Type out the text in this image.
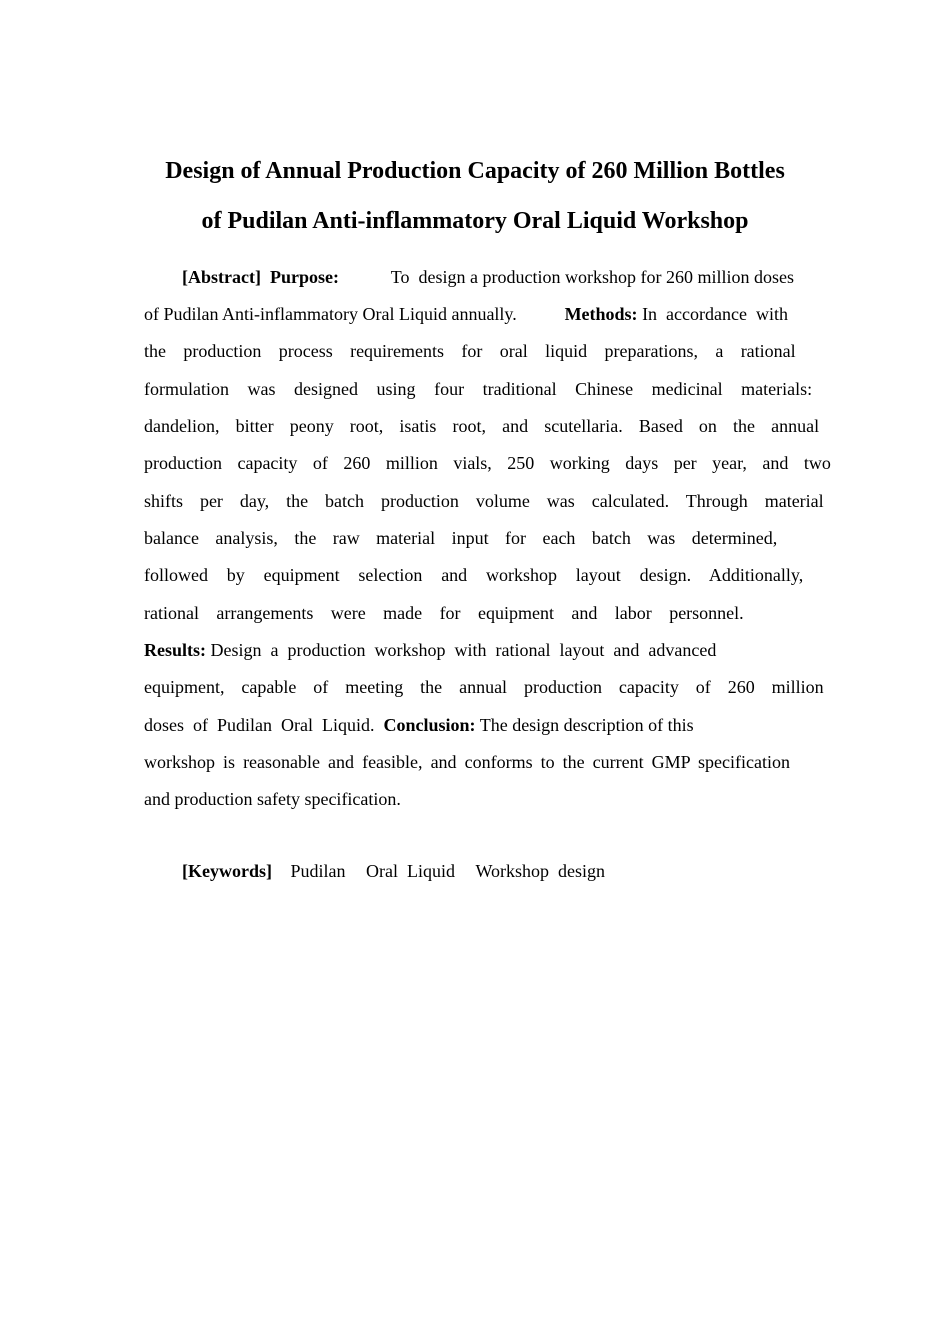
Design of Annual Production Capacity of 260 Million Bottles
of Pudilan Anti-inflammatory Oral Liquid Workshop
[Abstract] Purpose:	To  design a production workshop for 260 million doses
of Pudilan Anti-inflammatory Oral Liquid annually.	Methods: In  accordance  with
the  production  process  requirements  for  oral  liquid  preparations,  a  rational
formulation  was  designed  using  four  traditional  Chinese  medicinal  materials:
dandelion,  bitter  peony  root,  isatis  root,  and  scutellaria.  Based  on  the  annual
production  capacity  of  260  million  vials,  250  working  days  per  year,  and  two
shifts  per  day,  the  batch  production  volume  was  calculated.  Through  material
balance  analysis,  the  raw  material  input  for  each  batch  was  determined,
followed  by  equipment  selection  and  workshop  layout  design.  Additionally,
rational  arrangements  were  made  for  equipment  and  labor  personnel.
Results: Design  a  production  workshop  with  rational  layout  and  advanced
equipment,  capable  of  meeting  the  annual  production  capacity  of  260  million
doses  of  Pudilan  Oral  Liquid. Conclusion: The design description of this
workshop is reasonable and feasible, and conforms to the current GMP specification
and production safety specification.
[Keywords] Pudilan Oral  Liquid Workshop  design
